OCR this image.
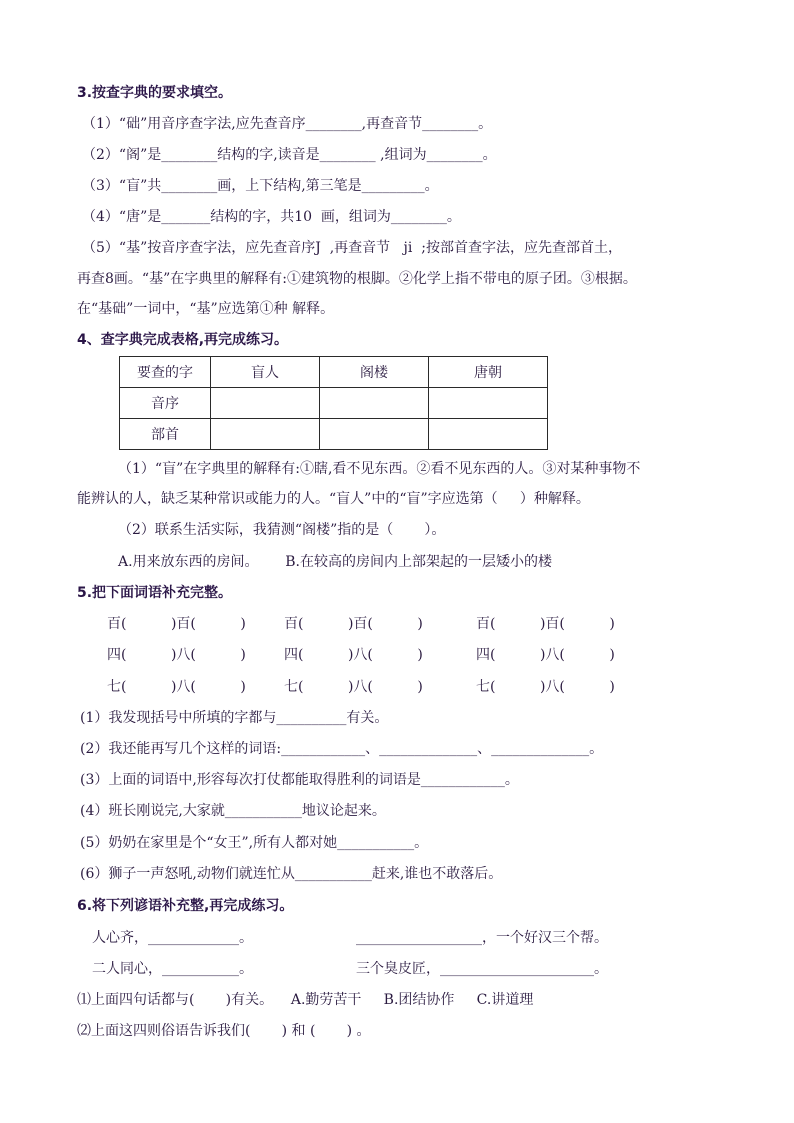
3.按查字典的要求填空。
（1）“础”用音序查字法,应先查音序________,再查音节________。
（2）“阁”是________结构的字,读音是________ ,组词为________。
（3）“盲”共________画，上下结构,第三笔是_________。
（4）“唐”是_______结构的字，共10  画，组词为________。
（5）“基”按音序查字法，应先查音序J  ,再查音节   ji  ;按部首查字法，应先查部首土，
再查8画。“基”在字典里的解释有:①建筑物的根脚。②化学上指不带电的原子团。③根据。
在“基础”一词中，“基”应选第①种 解释。
4、查字典完成表格,再完成练习。
要查的字	盲人	阁楼	唐朝
音序			
部首			
（1）“盲”在字典里的解释有:①瞎,看不见东西。②看不见东西的人。③对某种事物不
能辨认的人，缺乏某种常识或能力的人。“盲人”中的“盲”字应选第（     ）种解释。
（2）联系生活实际，我猜测“阁楼”指的是（       ）。
A.用来放东西的房间。      B.在较高的房间内上部架起的一层矮小的楼
5.把下面词语补充完整。
百(          )百(          )	百(          )百(          )	百(          )百(          )
四(          )八(          )	四(          )八(          )	四(          )八(          )
七(          )八(          )	七(          )八(          )	七(          )八(          )
(1）我发现括号中所填的字都与__________有关。
(2）我还能再写几个这样的词语:____________、______________、______________。
(3）上面的词语中,形容每次打仗都能取得胜利的词语是____________。
(4）班长刚说完,大家就___________地议论起来。
(5）奶奶在家里是个“女王”,所有人都对她___________。
(6）狮子一声怒吼,动物们就连忙从___________赶来,谁也不敢落后。
6.将下列谚语补充整,再完成练习。
人心齐，_____________。	__________________，一个好汉三个帮。
二人同心，___________。	三个臭皮匠，______________________。
⑴上面四句话都与(       )有关。    A.勤劳苦干     B.团结协作     C.讲道理
⑵上面这四则俗语告诉我们(       ) 和 (       ) 。
